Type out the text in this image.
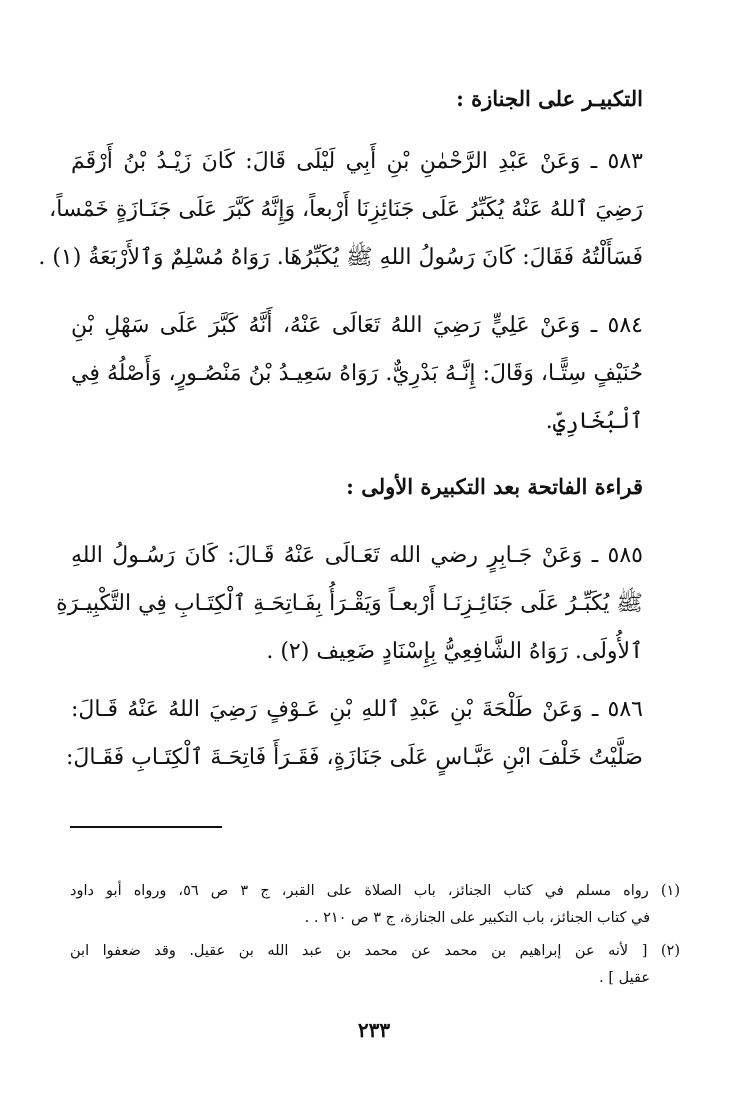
التكبيـر على الجنازة :
٥٨٣ ـ وَعَنْ عَبْدِ الرَّحْمٰنِ بْنِ أَبِي لَيْلَى قَالَ: كَانَ زَيْـدُ بْنُ أَرْقَمَ
رَضِيَ ٱللهُ عَنْهُ يُكَبِّرُ عَلَى جَنَائِزِنَا أَرْبعاً، وَإِنَّهُ كَبَّرَ عَلَى جَنَـازَةٍ خَمْساً،
فَسَأَلْتُهُ فَقَالَ: كَانَ رَسُولُ اللهِ ﷺ يُكَبِّرُهَا. رَوَاهُ مُسْلِمٌ وَٱلأَرْبَعَةُ (١) .
٥٨٤ ـ وَعَنْ عَلِيٍّ رَضِيَ اللهُ تَعَالَى عَنْهُ، أَنَّهُ كَبَّرَ عَلَى سَهْلِ بْنِ
حُنَيْفٍ سِتًّـا، وَقَالَ: إِنَّـهُ بَدْرِيٌّ. رَوَاهُ سَعِيـدُ بْنُ مَنْصُـورٍ، وَأَصْلُهُ فِي
ٱلْبُخَارِيِّ.
قراءة الفاتحة بعد التكبيرة الأولى :
٥٨٥ ـ وَعَنْ جَـابِرٍ رضي الله تَعَـالَى عَنْهُ قَـالَ: كَانَ رَسُـولُ اللهِ
ﷺ يُكَبِّـرُ عَلَى جَنَائِـزِنَـا أَرْبعـاً وَيَقْـرَأُ بِفَـاتِحَـةِ ٱلْكِتَـابِ فِي التَّكْبِيـرَةِ
ٱلأُولَى. رَوَاهُ الشَّافِعِيُّ بِإِسْنَادٍ ضَعِيف (٢) .
٥٨٦ ـ وَعَنْ طَلْحَةَ بْنِ عَبْدِ ٱللهِ بْنِ عَـوْفٍ رَضِيَ اللهُ عَنْهُ قَـالَ:
صَلَّيْتُ خَلْفَ ابْنِ عَبَّـاسٍ عَلَى جَنَازَةٍ، فَقَـرَأَ فَاتِحَـةَ ٱلْكِتَـابِ فَقَـالَ:
(١) رواه مسلم في كتاب الجنائز، باب الصلاة على القبر، ج ٣ ص ٥٦، ورواه أبو داود
في كتاب الجنائز، باب التكبير على الجنازة، ج ٣ ص ٢١٠ . .
(٢) [ لأنه عن إبراهيم بن محمد عن محمد بن عبد الله بن عقيل. وقد ضعفوا ابن
عقيل ] .
٢٣٣
